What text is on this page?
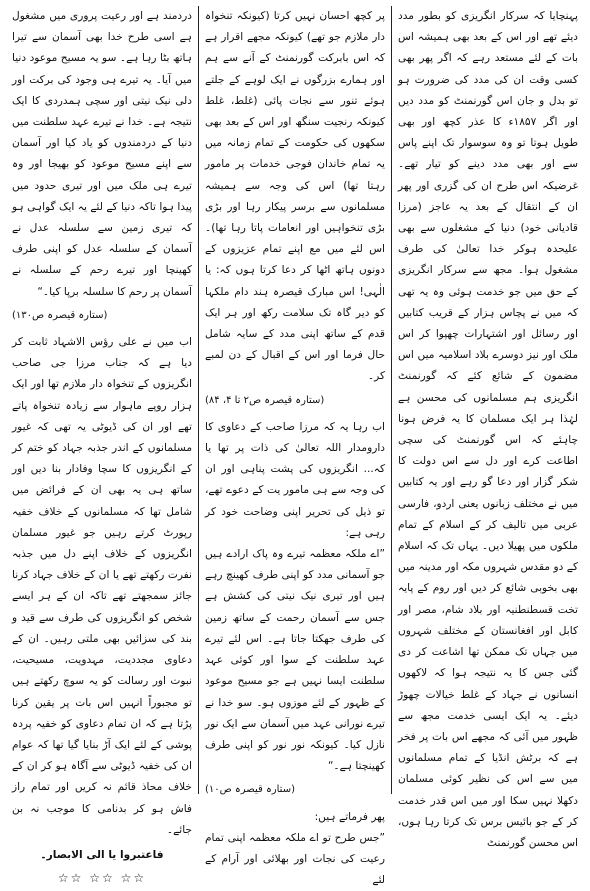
پہنچایا کہ سرکار انگریزی کو بطور مدد دیئے تھے اور اس کے بعد بھی ہمیشہ اس بات کے لئے مستعد رہے کہ اگر پھر بھی کسی وقت ان کی مدد کی ضرورت ہو تو بدل و جان اس گورنمنٹ کو مدد دیں اور اگر ۱۸۵۷ء کا عذر کچھ اور بھی طویل ہوتا تو وہ سوسوار تک اپنے پاس سے اور بھی مدد دینے کو تیار تھے۔ غرضیکہ اس طرح ان کی گزری اور پھر ان کے انتقال کے بعد یہ عاجز (مرزا قادیانی خود) دنیا کے مشغلوں سے بھی علیحدہ ہوکر خدا تعالیٰ کی طرف مشغول ہوا۔ مجھ سے سرکار انگریزی کے حق میں جو خدمت ہوئی وہ یہ تھی کہ میں نے پچاس ہزار کے قریب کتابیں اور رسائل اور اشتہارات چھپوا کر اس ملک اور نیز دوسرے بلاد اسلامیہ میں اس مضمون کے شائع کئے کہ گورنمنٹ انگریزی ہم مسلمانوں کی محسن ہے لہٰذا ہر ایک مسلمان کا یہ فرض ہونا چاہئے کہ اس گورنمنٹ کی سچی اطاعت کرے اور دل سے اس دولت کا شکر گزار اور دعا گو رہے اور یہ کتابیں میں نے مختلف زبانوں یعنی اردو، فارسی عربی میں تالیف کر کے اسلام کے تمام ملکوں میں پھیلا دیں۔ یہاں تک کہ اسلام کے دو مقدس شہروں مکہ اور مدینہ میں بھی بخوبی شائع کر دیں اور روم کے پایہ تخت قسطنطنیہ اور بلاد شام، مصر اور کابل اور افغانستان کے مختلف شہروں میں جہاں تک ممکن تھا اشاعت کر دی گئی جس کا یہ نتیجہ ہوا کہ لاکھوں انسانوں نے جہاد کے غلط خیالات چھوڑ دیئے۔ یہ ایک ایسی خدمت مجھ سے ظہور میں آئی کہ مجھے اس بات پر فخر ہے کہ برٹش انڈیا کے تمام مسلمانوں میں سے اس کی نظیر کوئی مسلمان دکھلا نہیں سکا اور میں اس قدر خدمت کر کے جو بائیس برس تک کرتا رہا ہوں، اس محسن گورنمنٹ

پر کچھ احسان نہیں کرتا (کیونکہ تنخواہ دار ملازم جو تھے) کیونکہ مجھے اقرار ہے کہ اس بابرکت گورنمنٹ کے آنے سے ہم اور ہمارے بزرگوں نے ایک لوہے کے جلتے ہوئے تنور سے نجات پائی (غلط، غلط کیونکہ رنجیت سنگھ اور اس کے بعد بھی سکھوں کی حکومت کے تمام زمانہ میں یہ تمام خاندان فوجی خدمات پر مامور رہتا تھا) اس کی وجہ سے ہمیشہ مسلمانوں سے برسر پیکار رہا اور بڑی بڑی تنخواہیں اور انعامات پاتا رہا تھا)۔ اس لئے میں مع اپنے تمام عزیزوں کے دونوں ہاتھ اٹھا کر دعا کرتا ہوں کہ: یا الٰہی! اس مبارک قیصرہ ہند دام ملکہا کو دیر گاہ تک سلامت رکھ اور ہر ایک قدم کے ساتھ اپنی مدد کے سایہ شامل حال فرما اور اس کے اقبال کے دن لمبے کر۔

(ستارہ قیصرہ ص۲ تا ۴، ۸۴)

اب رہا یہ کہ مرزا صاحب کے دعاوی کا دارومدار اللہ تعالیٰ کی ذات پر تھا یا کہ... انگریزوں کی پشت پناہی اور ان کی وجہ سے ہی مامور یت کے دعوے تھے، تو ذیل کی تحریر اپنی وضاحت خود کر رہی ہے:

”اے ملکہ معظمہ تیرے وہ پاک ارادے ہیں جو آسمانی مدد کو اپنی طرف کھینچ رہے ہیں اور تیری نیک نیتی کی کشش ہے جس سے آسمان رحمت کے ساتھ زمین کی طرف جھکتا جاتا ہے۔ اس لئے تیرے عہد سلطنت کے سوا اور کوئی عہد سلطنت ایسا نہیں ہے جو مسیح موعود کے ظہور کے لئے موزوں ہو۔ سو خدا نے تیرے نورانی عہد میں آسمان سے ایک نور نازل کیا۔ کیونکہ نور نور کو اپنی طرف کھینچتا ہے۔“

(ستارہ قیصرہ ص۱۰)

پھر فرماتے ہیں:

”جس طرح تو اے ملکہ معظمہ اپنی تمام رعیت کی نجات اور بھلائی اور آرام کے لئے

دردمند ہے اور رعیت پروری میں مشغول ہے اسی طرح خدا بھی آسمان سے تیرا ہاتھ بٹا رہا ہے۔ سو یہ مسیح موعود دنیا میں آیا۔ یہ تیرے ہی وجود کی برکت اور دلی نیک نیتی اور سچی ہمدردی کا ایک نتیجہ ہے۔ خدا نے تیرے عہد سلطنت میں دنیا کے دردمندوں کو یاد کیا اور آسمان سے اپنے مسیح موعود کو بھیجا اور وہ تیرے ہی ملک میں اور تیری حدود میں پیدا ہوا تاکہ دنیا کے لئے یہ ایک گواہی ہو کہ تیری زمین سے سلسلہ عدل نے آسمان کے سلسلہ عدل کو اپنی طرف کھینچا اور تیرے رحم کے سلسلہ نے آسمان پر رحم کا سلسلہ برپا کیا۔“

(ستارہ قیصرہ ص۱۳۰)

اب میں نے علی رؤس الاشہاد ثابت کر دیا ہے کہ جناب مرزا جی صاحب انگریزوں کے تنخواہ دار ملازم تھا اور ایک ہزار روپے ماہوار سے زیادہ تنخواہ پاتے تھے اور ان کی ڈیوٹی یہ تھی کہ غیور مسلمانوں کے اندر جذبہ جہاد کو ختم کر کے انگریزوں کا سچا وفادار بنا دیں اور ساتھ ہی یہ بھی ان کے فرائض میں شامل تھا کہ مسلمانوں کے خلاف خفیہ رپورٹ کرتے رہیں جو غیور مسلمان انگریزوں کے خلاف اپنے دل میں جذبہ نفرت رکھتے تھے یا ان کے خلاف جہاد کرنا جائز سمجھتے تھے تاکہ ان کے ہر ایسے شخص کو انگریزوں کی طرف سے قید و بند کی سزائیں بھی ملتی رہیں۔ ان کے دعاوی مجددیت، مہدویت، مسیحیت، نبوت اور رسالت کو یہ سوچ رکھتے ہیں تو مجبوراً انہیں اس بات پر یقین کرنا پڑتا ہے کہ ان تمام دعاوی کو خفیہ پردہ پوشی کے لئے ایک آڑ بنایا گیا تھا کہ عوام ان کی خفیہ ڈیوٹی سے آگاہ ہو کر ان کے خلاف محاذ قائم نہ کریں اور تمام راز فاش ہو کر بدنامی کا موجب نہ بن جائے۔

فاعتبروا یا الی الابصار۔
☆☆ ☆☆ ☆☆
